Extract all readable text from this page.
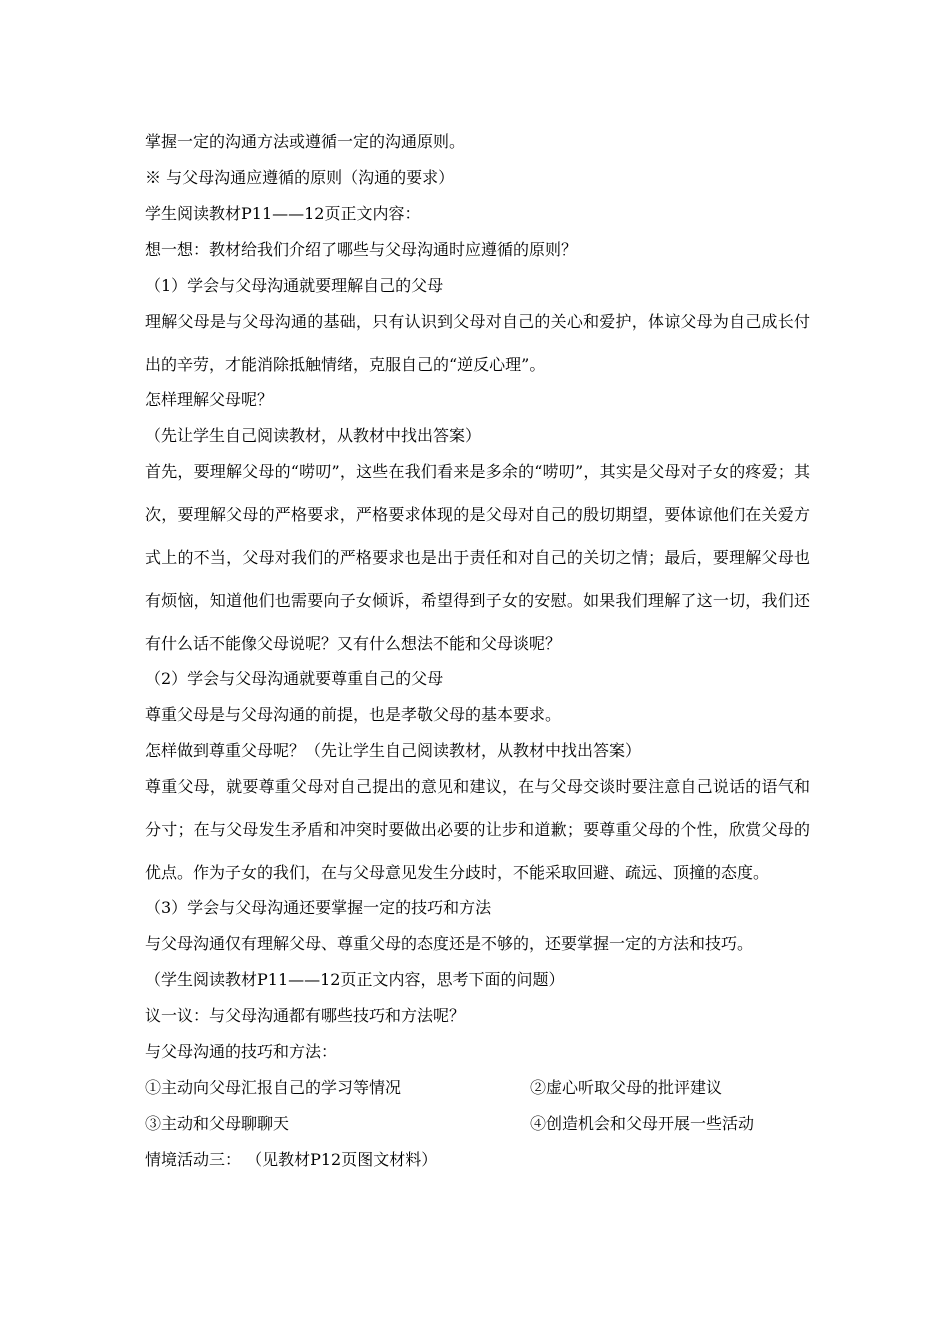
掌握一定的沟通方法或遵循一定的沟通原则。
※ 与父母沟通应遵循的原则（沟通的要求）
学生阅读教材P11——12页正文内容：
想一想：教材给我们介绍了哪些与父母沟通时应遵循的原则？
（1）学会与父母沟通就要理解自己的父母
理解父母是与父母沟通的基础，只有认识到父母对自己的关心和爱护，体谅父母为自己成长付出的辛劳，才能消除抵触情绪，克服自己的“逆反心理”。
怎样理解父母呢？
（先让学生自己阅读教材，从教材中找出答案）
首先，要理解父母的“唠叨”，这些在我们看来是多余的“唠叨”，其实是父母对子女的疼爱；其次，要理解父母的严格要求，严格要求体现的是父母对自己的殷切期望，要体谅他们在关爱方式上的不当，父母对我们的严格要求也是出于责任和对自己的关切之情；最后，要理解父母也有烦恼，知道他们也需要向子女倾诉，希望得到子女的安慰。如果我们理解了这一切，我们还有什么话不能像父母说呢？又有什么想法不能和父母谈呢？
（2）学会与父母沟通就要尊重自己的父母
尊重父母是与父母沟通的前提，也是孝敬父母的基本要求。
怎样做到尊重父母呢？（先让学生自己阅读教材，从教材中找出答案）
尊重父母，就要尊重父母对自己提出的意见和建议，在与父母交谈时要注意自己说话的语气和分寸；在与父母发生矛盾和冲突时要做出必要的让步和道歉；要尊重父母的个性，欣赏父母的优点。作为子女的我们，在与父母意见发生分歧时，不能采取回避、疏远、顶撞的态度。
（3）学会与父母沟通还要掌握一定的技巧和方法
与父母沟通仅有理解父母、尊重父母的态度还是不够的，还要掌握一定的方法和技巧。
（学生阅读教材P11——12页正文内容，思考下面的问题）
议一议：与父母沟通都有哪些技巧和方法呢？
与父母沟通的技巧和方法：
①主动向父母汇报自己的学习等情况	②虚心听取父母的批评建议
③主动和父母聊聊天	④创造机会和父母开展一些活动
情境活动三： （见教材P12页图文材料）
